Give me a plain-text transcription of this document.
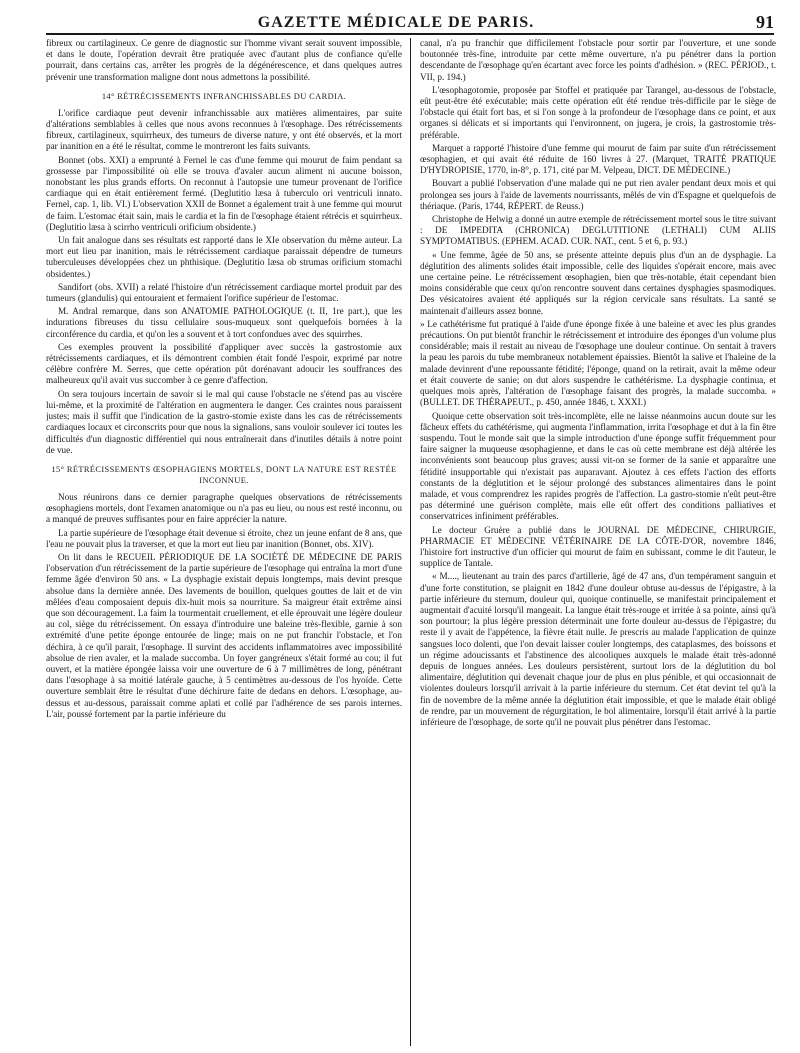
GAZETTE MÉDICALE DE PARIS.	91

fibreux ou cartilagineux. Ce genre de diagnostic sur l'homme vivant serait souvent impossible, et dans le doute, l'opération devrait être pratiquée avec d'autant plus de confiance qu'elle pourrait, dans certains cas, arrêter les progrès de la dégénérescence, et dans quelques autres prévenir une transformation maligne dont nous admettons la possibilité.

14° RÉTRÉCISSEMENTS INFRANCHISSABLES DU CARDIA.

L'orifice cardiaque peut devenir infranchissable aux matières alimentaires, par suite d'altérations semblables à celles que nous avons reconnues à l'œsophage. Des rétrécissements fibreux, cartilagineux, squirrheux, des tumeurs de diverse nature, y ont été observés, et la mort par inanition en a été le résultat, comme le montreront les faits suivants.

Bonnet (obs. XXI) a emprunté à Fernel le cas d'une femme qui mourut de faim pendant sa grossesse par l'impossibilité où elle se trouva d'avaler aucun aliment ni aucune boisson, nonobstant les plus grands efforts. On reconnut à l'autopsie une tumeur provenant de l'orifice cardiaque qui en était entièrement fermé. (Deglutitio læsa à tuberculo ori ventriculi innato. Fernel, cap. 1, lib. VI.) L'observation XXII de Bonnet a également trait à une femme qui mourut de faim. L'estomac était sain, mais le cardia et la fin de l'œsophage étaient rétrécis et squirrheux. (Deglutitio læsa à scirrho ventriculi orificium obsidente.)

Un fait analogue dans ses résultats est rapporté dans le XIe observation du même auteur. La mort eut lieu par inanition, mais le rétrécissement cardiaque paraissait dépendre de tumeurs tuberculeuses développées chez un phthisique. (Deglutitio læsa ob strumas orificium stomachi obsidentes.)

Sandifort (obs. XVII) a relaté l'histoire d'un rétrécissement cardiaque mortel produit par des tumeurs (glandulis) qui entouraient et fermaient l'orifice supérieur de l'estomac.

M. Andral remarque, dans son ANATOMIE PATHOLOGIQUE (t. II, 1re part.), que les indurations fibreuses du tissu cellulaire sous-muqueux sont quelquefois bornées à la circonférence du cardia, et qu'on les a souvent et à tort confondues avec des squirrhes.

Ces exemples prouvent la possibilité d'appliquer avec succès la gastrostomie aux rétrécissements cardiaques, et ils démontrent combien était fondé l'espoir, exprimé par notre célèbre confrère M. Serres, que cette opération pût dorénavant adoucir les souffrances des malheureux qu'il avait vus succomber à ce genre d'affection.

On sera toujours incertain de savoir si le mal qui cause l'obstacle ne s'étend pas au viscère lui-même, et la proximité de l'altération en augmentera le danger. Ces craintes nous paraissent justes; mais il suffit que l'indication de la gastro-stomie existe dans les cas de rétrécissements cardiaques locaux et circonscrits pour que nous la signalions, sans vouloir soulever ici toutes les difficultés d'un diagnostic différentiel qui nous entraînerait dans d'inutiles détails à notre point de vue.

15° RÉTRÉCISSEMENTS ŒSOPHAGIENS MORTELS, DONT LA NATURE EST RESTÉE INCONNUE.

Nous réunirons dans ce dernier paragraphe quelques observations de rétrécissements œsophagiens mortels, dont l'examen anatomique ou n'a pas eu lieu, ou nous est resté inconnu, ou a manqué de preuves suffisantes pour en faire apprécier la nature.

La partie supérieure de l'œsophage était devenue si étroite, chez un jeune enfant de 8 ans, que l'eau ne pouvait plus la traverser, et que la mort eut lieu par inanition (Bonnet, obs. XIV).

On lit dans le RECUEIL PÉRIODIQUE DE LA SOCIÉTÉ DE MÉDECINE DE PARIS l'observation d'un rétrécissement de la partie supérieure de l'œsophage qui entraîna la mort d'une femme âgée d'environ 50 ans. « La dysphagie existait depuis longtemps, mais devint presque absolue dans la dernière année. Des lavements de bouillon, quelques gouttes de lait et de vin mêlées d'eau composaient depuis dix-huit mois sa nourriture. Sa maigreur était extrême ainsi que son découragement. La faim la tourmentait cruellement, et elle éprouvait une légère douleur au col, siège du rétrécissement. On essaya d'introduire une baleine très-flexible, garnie à son extrémité d'une petite éponge entourée de linge; mais on ne put franchir l'obstacle, et l'on déchira, à ce qu'il parait, l'œsophage. Il survint des accidents inflammatoires avec impossibilité absolue de rien avaler, et la malade succomba. Un foyer gangréneux s'était formé au cou; il fut ouvert, et la matière épongée laissa voir une ouverture de 6 à 7 millimètres de long, pénétrant dans l'œsophage à sa moitié latérale gauche, à 5 centimètres au-dessous de l'os hyoïde. Cette ouverture semblait être le résultat d'une déchirure faite de dedans en dehors. L'œsophage, au-dessus et au-dessous, paraissait comme aplati et collé par l'adhérence de ses parois internes. L'air, poussé fortement par la partie inférieure du

canal, n'a pu franchir que difficilement l'obstacle pour sortir par l'ouverture, et une sonde boutonnée très-fine, introduite par cette même ouverture, n'a pu pénétrer dans la portion descendante de l'œsophage qu'en écartant avec force les points d'adhésion. » (REC. PÉRIOD., t. VII, p. 194.)

L'œsophagotomie, proposée par Stoffel et pratiquée par Tarangel, au-dessous de l'obstacle, eût peut-être été exécutable; mais cette opération eût été rendue très-difficile par le siège de l'obstacle qui était fort bas, et si l'on songe à la profondeur de l'œsophage dans ce point, et aux organes si délicats et si importants qui l'environnent, on jugera, je crois, la gastrostomie très-préférable.

Marquet a rapporté l'histoire d'une femme qui mourut de faim par suite d'un rétrécissement œsophagien, et qui avait été réduite de 160 livres à 27. (Marquet, TRAITÉ PRATIQUE D'HYDROPISIE, 1770, in-8°, p. 171, cité par M. Velpeau, DICT. DE MÉDECINE.)

Bouvart a publié l'observation d'une malade qui ne put rien avaler pendant deux mois et qui prolongea ses jours à l'aide de lavements nourrissants, mêlés de vin d'Espagne et quelquefois de thériaque. (Paris, 1744, RÉPERT. de Reuss.)

Christophe de Helwig a donné un autre exemple de rétrécissement mortel sous le titre suivant : DE IMPEDITA (CHRONICA) DEGLUTITIONE (LETHALI) CUM ALIIS SYMPTOMATIBUS. (EPHEM. ACAD. CUR. NAT., cent. 5 et 6, p. 93.)

« Une femme, âgée de 50 ans, se présente atteinte depuis plus d'un an de dysphagie. La déglutition des aliments solides était impossible, celle des liquides s'opérait encore, mais avec une certaine peine. Le rétrécissement œsophagien, bien que très-notable, était cependant bien moins considérable que ceux qu'on rencontre souvent dans certaines dysphagies spasmodiques. Des vésicatoires avaient été appliqués sur la région cervicale sans résultats. La santé se maintenait d'ailleurs assez bonne.

» Le cathétérisme fut pratiqué à l'aide d'une éponge fixée à une baleine et avec les plus grandes précautions. On put bientôt franchir le rétrécissement et introduire des éponges d'un volume plus considérable; mais il restait au niveau de l'œsophage une douleur continue. On sentait à travers la peau les parois du tube membraneux notablement épaissies. Bientôt la salive et l'haleine de la malade devinrent d'une repoussante fétidité; l'éponge, quand on la retirait, avait la même odeur et était couverte de sanie; on dut alors suspendre le cathétérisme. La dysphagie continua, et quelques mois après, l'altération de l'œsophage faisant des progrès, la malade succomba. » (BULLET. DE THÉRAPEUT., p. 450, année 1846, t. XXXI.)

Quoique cette observation soit très-incomplète, elle ne laisse néanmoins aucun doute sur les fâcheux effets du cathétérisme, qui augmenta l'inflammation, irrita l'œsophage et dut à la fin être suspendu. Tout le monde sait que la simple introduction d'une éponge suffit fréquemment pour faire saigner la muqueuse œsophagienne, et dans le cas où cette membrane est déjà altérée les inconvénients sont beaucoup plus graves; aussi vit-on se former de la sanie et apparaître une fétidité insupportable qui n'existait pas auparavant. Ajoutez à ces effets l'action des efforts constants de la déglutition et le séjour prolongé des substances alimentaires dans le point malade, et vous comprendrez les rapides progrès de l'affection. La gastro-stomie n'eût peut-être pas déterminé une guérison complète, mais elle eût offert des conditions palliatives et conservatrices infiniment préférables.

Le docteur Gruère a publié dans le JOURNAL DE MÉDECINE, CHIRURGIE, PHARMACIE ET MÉDECINE VÉTÉRINAIRE DE LA CÔTE-D'OR, novembre 1846, l'histoire fort instructive d'un officier qui mourut de faim en subissant, comme le dit l'auteur, le supplice de Tantale.

« M...., lieutenant au train des parcs d'artillerie, âgé de 47 ans, d'un tempérament sanguin et d'une forte constitution, se plaignit en 1842 d'une douleur obtuse au-dessus de l'épigastre, à la partie inférieure du sternum, douleur qui, quoique continuelle, se manifestait principalement et augmentait d'acuité lorsqu'il mangeait. La langue était très-rouge et irritée à sa pointe, ainsi qu'à son pourtour; la plus légère pression déterminait une forte douleur au-dessus de l'épigastre; du reste il y avait de l'appétence, la fièvre était nulle. Je prescris au malade l'application de quinze sangsues loco dolenti, que l'on devait laisser couler longtemps, des cataplasmes, des boissons et un régime adoucissants et l'abstinence des alcooliques auxquels le malade était très-adonné depuis de longues années. Les douleurs persistèrent, surtout lors de la déglutition du bol alimentaire, déglutition qui devenait chaque jour de plus en plus pénible, et qui occasionnait de violentes douleurs lorsqu'il arrivait à la partie inférieure du sternum. Cet état devint tel qu'à la fin de novembre de la même année la déglutition était impossible, et que le malade était obligé de rendre, par un mouvement de régurgitation, le bol alimentaire, lorsqu'il était arrivé à la partie inférieure de l'œsophage, de sorte qu'il ne pouvait plus pénétrer dans l'estomac.
